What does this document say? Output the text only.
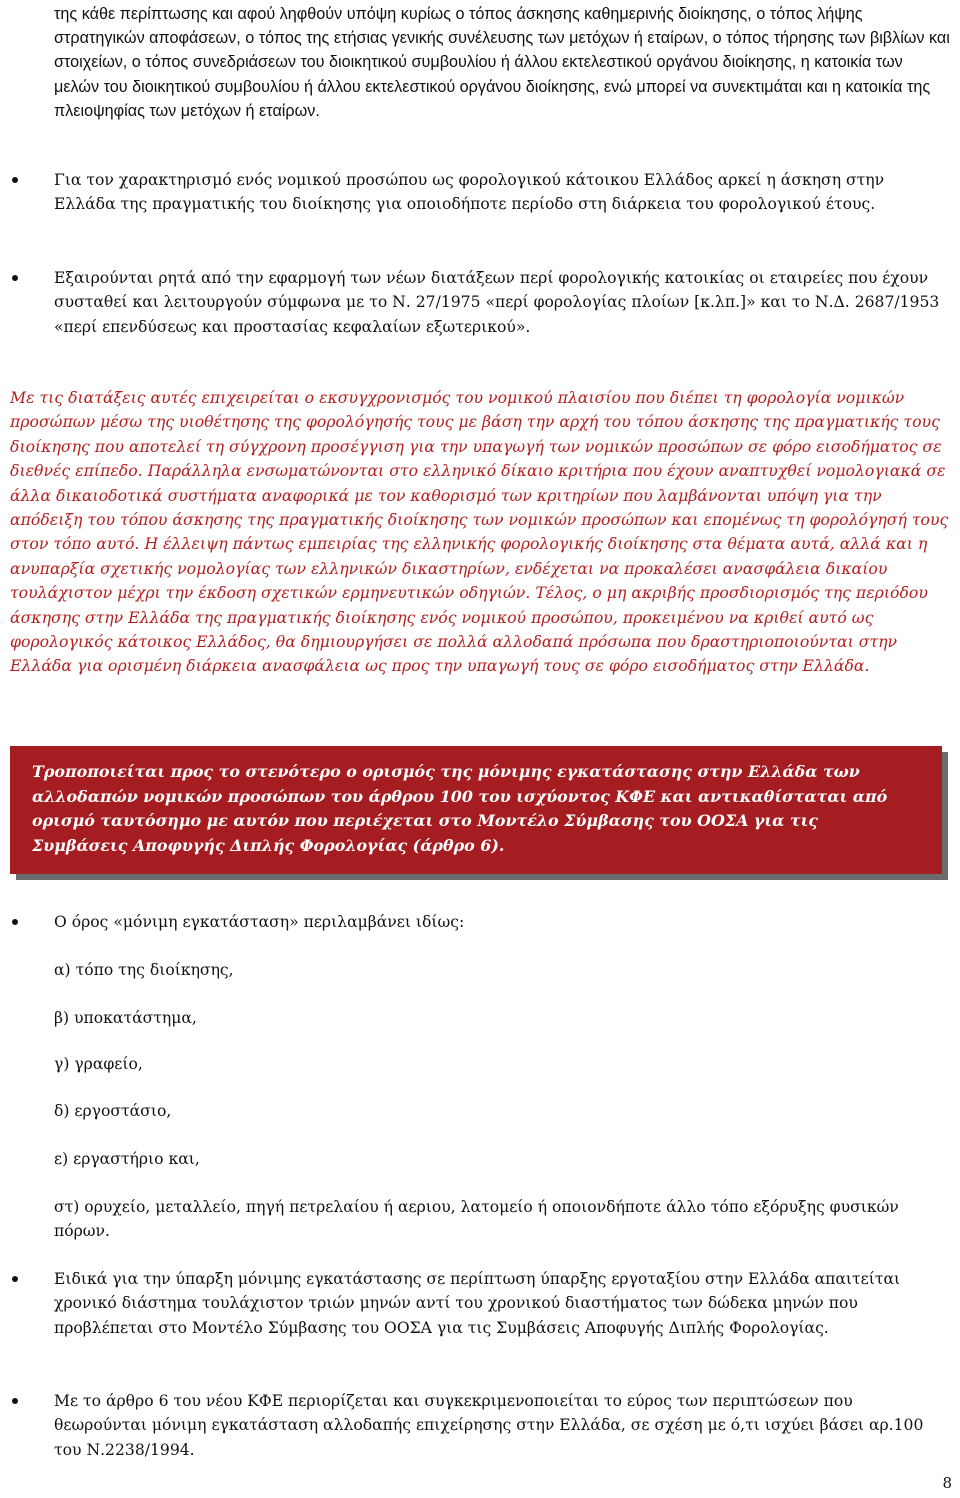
της κάθε περίπτωσης και αφού ληφθούν υπόψη κυρίως ο τόπος άσκησης καθημερινής διοίκησης, ο τόπος λήψης στρατηγικών αποφάσεων, ο τόπος της ετήσιας γενικής συνέλευσης των μετόχων ή εταίρων, ο τόπος τήρησης των βιβλίων και στοιχείων, ο τόπος συνεδριάσεων του διοικητικού συμβουλίου ή άλλου εκτελεστικού οργάνου διοίκησης, η κατοικία των μελών του διοικητικού συμβουλίου ή άλλου εκτελεστικού οργάνου διοίκησης, ενώ μπορεί να συνεκτιμάται και η κατοικία της πλειοψηφίας των μετόχων ή εταίρων.
Για τον χαρακτηρισμό ενός νομικού προσώπου ως φορολογικού κάτοικου Ελλάδος αρκεί η άσκηση στην Ελλάδα της πραγματικής του διοίκησης για οποιοδήποτε περίοδο στη διάρκεια του φορολογικού έτους.
Εξαιρούνται ρητά από την εφαρμογή των νέων διατάξεων περί φορολογικής κατοικίας οι εταιρείες που έχουν συσταθεί και λειτουργούν σύμφωνα με το Ν. 27/1975 «περί φορολογίας πλοίων [κ.λπ.]» και το Ν.Δ. 2687/1953 «περί επενδύσεως και προστασίας κεφαλαίων εξωτερικού».
Με τις διατάξεις αυτές επιχειρείται ο εκσυγχρονισμός του νομικού πλαισίου που διέπει τη φορολογία νομικών προσώπων μέσω της υιοθέτησης της φορολόγησής τους με βάση την αρχή του τόπου άσκησης της πραγματικής τους διοίκησης που αποτελεί τη σύγχρονη προσέγγιση για την υπαγωγή των νομικών προσώπων σε φόρο εισοδήματος σε διεθνές επίπεδο. Παράλληλα ενσωματώνονται στο ελληνικό δίκαιο κριτήρια που έχουν αναπτυχθεί νομολογιακά σε άλλα δικαιοδοτικά συστήματα αναφορικά με τον καθορισμό των κριτηρίων που λαμβάνονται υπόψη για την απόδειξη του τόπου άσκησης της πραγματικής διοίκησης των νομικών προσώπων και επομένως τη φορολόγησή τους στον τόπο αυτό. Η έλλειψη πάντως εμπειρίας της ελληνικής φορολογικής διοίκησης στα θέματα αυτά, αλλά και η ανυπαρξία σχετικής νομολογίας των ελληνικών δικαστηρίων, ενδέχεται να προκαλέσει ανασφάλεια δικαίου τουλάχιστον μέχρι την έκδοση σχετικών ερμηνευτικών οδηγιών. Τέλος, ο μη ακριβής προσδιορισμός της περιόδου άσκησης στην Ελλάδα της πραγματικής διοίκησης ενός νομικού προσώπου, προκειμένου να κριθεί αυτό ως φορολογικός κάτοικος Ελλάδος, θα δημιουργήσει σε πολλά αλλοδαπά πρόσωπα που δραστηριοποιούνται στην Ελλάδα για ορισμένη διάρκεια ανασφάλεια ως προς την υπαγωγή τους σε φόρο εισοδήματος στην Ελλάδα.
Τροποποιείται προς το στενότερο ο ορισμός της μόνιμης εγκατάστασης στην Ελλάδα των αλλοδαπών νομικών προσώπων του άρθρου 100 του ισχύοντος ΚΦΕ και αντικαθίσταται από ορισμό ταυτόσημο με αυτόν που περιέχεται στο Μοντέλο Σύμβασης του ΟΟΣΑ για τις Συμβάσεις Αποφυγής Διπλής Φορολογίας (άρθρο 6).
Ο όρος «μόνιμη εγκατάσταση» περιλαμβάνει ιδίως:
α) τόπο της διοίκησης,
β) υποκατάστημα,
γ) γραφείο,
δ) εργοστάσιο,
ε) εργαστήριο και,
στ) ορυχείο, μεταλλείο, πηγή πετρελαίου ή αεριου, λατομείο ή οποιονδήποτε άλλο τόπο εξόρυξης φυσικών πόρων.
Ειδικά για την ύπαρξη μόνιμης εγκατάστασης σε περίπτωση ύπαρξης εργοταξίου στην Ελλάδα απαιτείται χρονικό διάστημα τουλάχιστον τριών μηνών αντί του χρονικού διαστήματος των δώδεκα μηνών που προβλέπεται στο Μοντέλο Σύμβασης του ΟΟΣΑ για τις Συμβάσεις Αποφυγής Διπλής Φορολογίας.
Με το άρθρο 6 του νέου ΚΦΕ περιορίζεται και συγκεκριμενοποιείται το εύρος των περιπτώσεων που θεωρούνται μόνιμη εγκατάσταση αλλοδαπής επιχείρησης στην Ελλάδα, σε σχέση με ό,τι ισχύει βάσει αρ.100 του Ν.2238/1994.
8
